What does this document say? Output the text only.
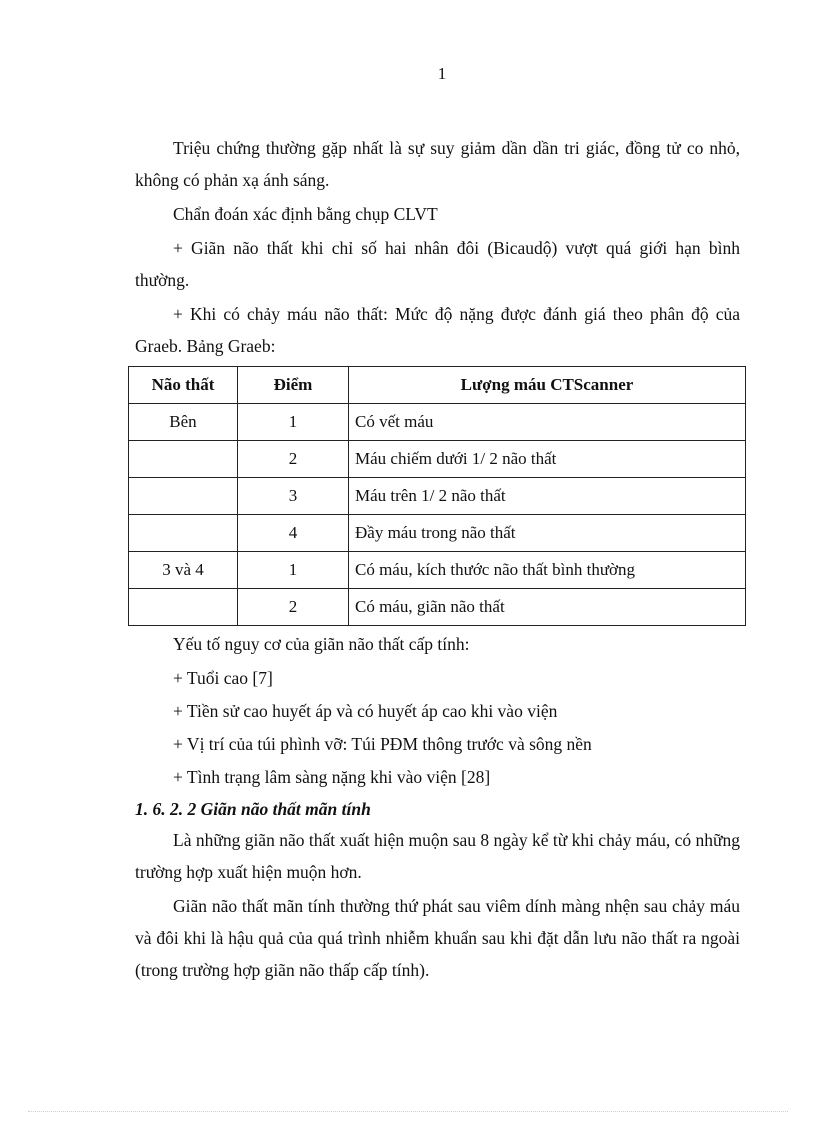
1

Triệu chứng thường gặp nhất là sự suy giảm dần dần tri giác, đồng tử co nhỏ, không có phản xạ ánh sáng.

Chẩn đoán xác định bằng chụp CLVT

+ Giãn não thất khi chỉ số hai nhân đôi (Bicaudộ) vượt quá giới hạn bình thường.

+ Khi có chảy máu não thất: Mức độ nặng được đánh giá theo phân độ của Graeb. Bảng Graeb:

Não thất	Điểm	Lượng máu CTScanner
Bên	1	Có vết máu
	2	Máu chiếm dưới 1/ 2 não thất
	3	Máu trên 1/ 2 não thất
	4	Đầy máu trong não thất
3 và 4	1	Có máu, kích thước não thất bình thường
	2	Có máu, giãn não thất

Yếu tố nguy cơ của giãn não thất cấp tính:

+ Tuổi cao [7]

+ Tiền sử cao huyết áp và có huyết áp cao khi vào viện

+ Vị trí của túi phình vỡ: Túi PĐM thông trước và sông nền

+ Tình trạng lâm sàng nặng khi vào viện [28]

1. 6. 2. 2 Giãn não thất mãn tính

Là những giãn não thất xuất hiện muộn sau 8 ngày kể từ khi chảy máu, có những trường hợp xuất hiện muộn hơn.

Giãn não thất mãn tính thường thứ phát sau viêm dính màng nhện sau chảy máu và đôi khi là hậu quả của quá trình nhiễm khuẩn sau khi đặt dẫn lưu não thất ra ngoài (trong trường hợp giãn não thấp cấp tính).
